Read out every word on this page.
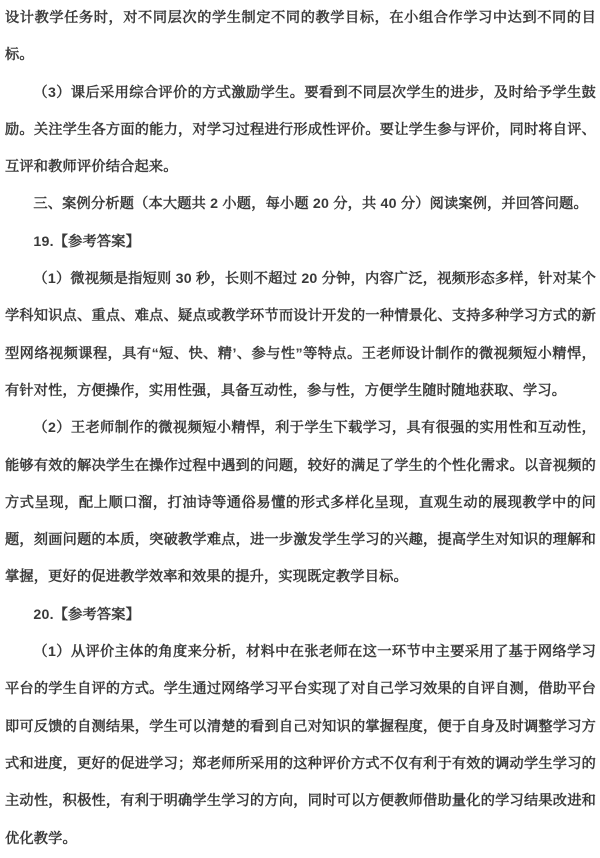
设计教学任务时，对不同层次的学生制定不同的教学目标，在小组合作学习中达到不同的目标。

（3）课后采用综合评价的方式激励学生。要看到不同层次学生的进步，及时给予学生鼓励。关注学生各方面的能力，对学习过程进行形成性评价。要让学生参与评价，同时将自评、互评和教师评价结合起来。

三、案例分析题（本大题共 2 小题，每小题 20 分，共 40 分）阅读案例，并回答问题。

19.【参考答案】

（1）微视频是指短则 30 秒，长则不超过 20 分钟，内容广泛，视频形态多样，针对某个学科知识点、重点、难点、疑点或教学环节而设计开发的一种情景化、支持多种学习方式的新型网络视频课程，具有“短、快、精’、参与性”等特点。王老师设计制作的微视频短小精悍，有针对性，方便操作，实用性强，具备互动性，参与性，方便学生随时随地获取、学习。

（2）王老师制作的微视频短小精悍，利于学生下载学习，具有很强的实用性和互动性，能够有效的解决学生在操作过程中遇到的问题，较好的满足了学生的个性化需求。以音视频的方式呈现，配上顺口溜，打油诗等通俗易懂的形式多样化呈现，直观生动的展现教学中的问题，刻画问题的本质，突破教学难点，进一步激发学生学习的兴趣，提高学生对知识的理解和掌握，更好的促进教学效率和效果的提升，实现既定教学目标。

20.【参考答案】

（1）从评价主体的角度来分析，材料中在张老师在这一环节中主要采用了基于网络学习平台的学生自评的方式。学生通过网络学习平台实现了对自己学习效果的自评自测，借助平台即可反馈的自测结果，学生可以清楚的看到自己对知识的掌握程度，便于自身及时调整学习方式和进度，更好的促进学习；郑老师所采用的这种评价方式不仅有利于有效的调动学生学习的主动性，积极性，有利于明确学生学习的方向，同时可以方便教师借助量化的学习结果改进和优化教学。
